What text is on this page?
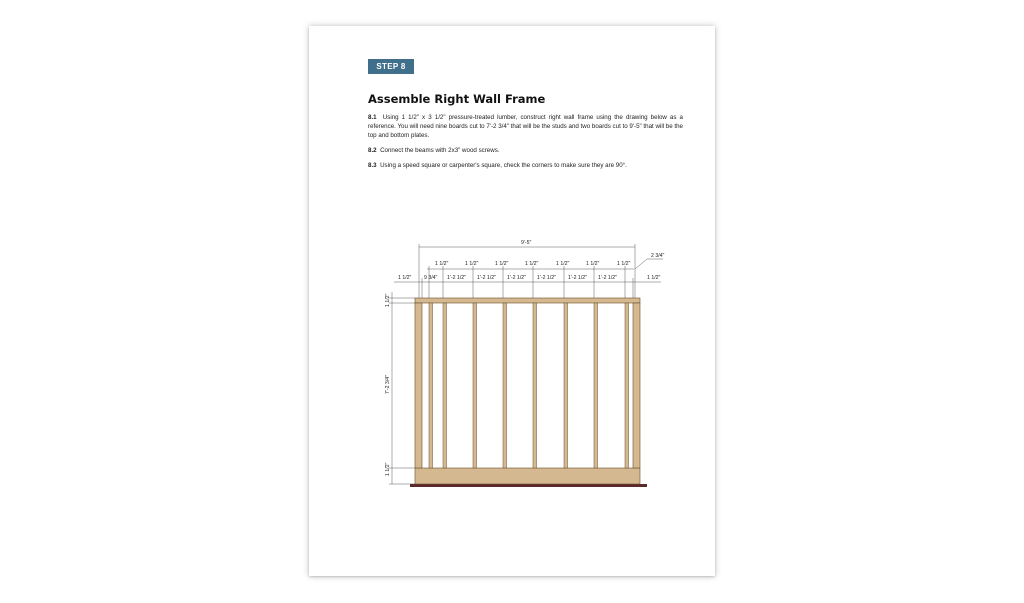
STEP 8
Assemble Right Wall Frame

8.1 Using 1 1/2" x 3 1/2" pressure-treated lumber, construct right wall frame using the drawing below as a reference. You will need nine boards cut to 7'-2 3/4" that will be the studs and two boards cut to 9'-5" that will be the top and bottom plates.

8.2 Connect the beams with 2x3" wood screws.

8.3 Using a speed square or carpenter's square, check the corners to make sure they are 90°.

9'-5"
1 1/2"	1 1/2"	1 1/2"	1 1/2"	1 1/2"	1 1/2"	1 1/2"
2 3/4"
1 1/2" 9 3/4" 1'-2 1/2" 1'-2 1/2" 1'-2 1/2" 1'-2 1/2" 1'-2 1/2" 1'-2 1/2"	1 1/2"
1 1/2"
7'-2 3/4"
1 1/2"
